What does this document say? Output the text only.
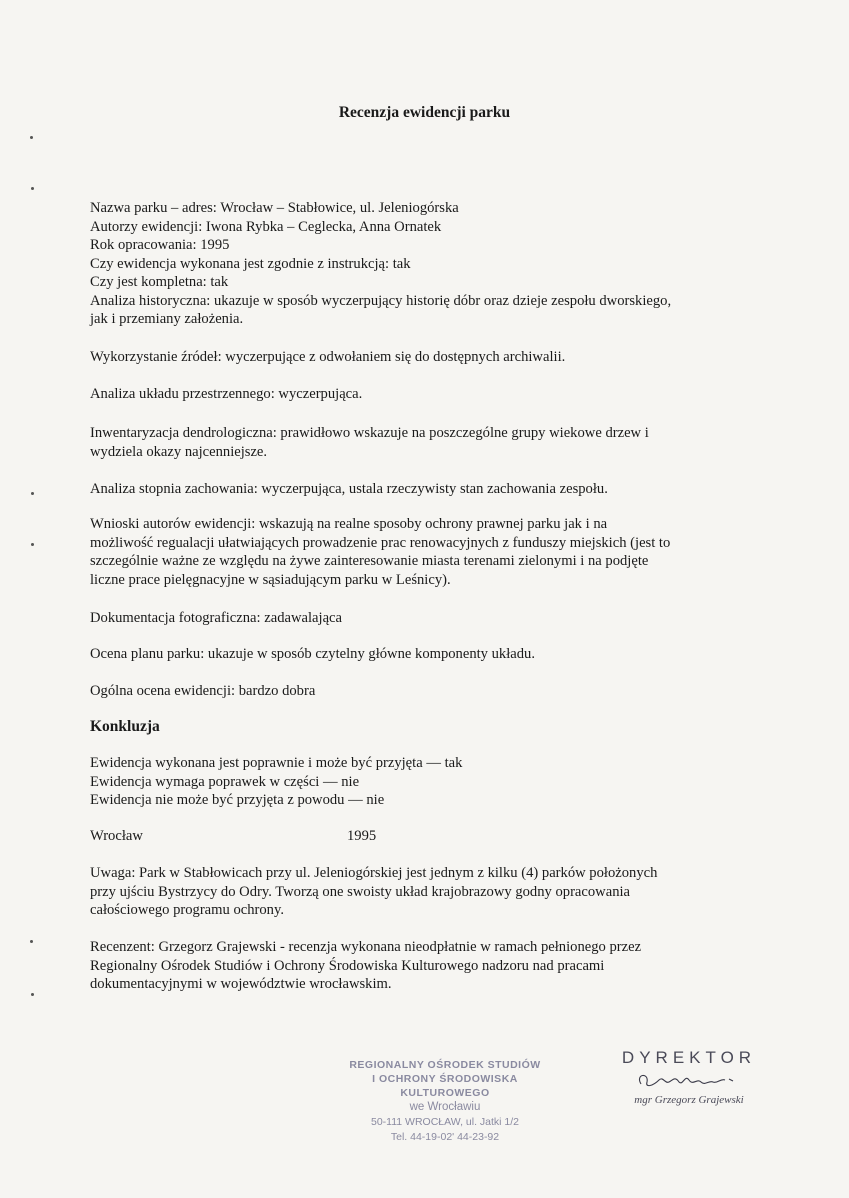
Recenzja ewidencji parku
Nazwa parku – adres: Wrocław – Stabłowice, ul. Jeleniogórska
Autorzy ewidencji: Iwona Rybka – Ceglecka, Anna Ornatek
Rok opracowania: 1995
Czy ewidencja wykonana jest zgodnie z instrukcją: tak
Czy jest kompletna: tak
Analiza historyczna: ukazuje w sposób wyczerpujący historię dóbr oraz dzieje zespołu dworskiego,
jak i przemiany założenia.
Wykorzystanie źródeł: wyczerpujące z odwołaniem się do dostępnych archiwalii.
Analiza układu przestrzennego: wyczerpująca.
Inwentaryzacja dendrologiczna: prawidłowo wskazuje na poszczególne grupy wiekowe drzew i
wydziela okazy najcenniejsze.
Analiza stopnia zachowania: wyczerpująca, ustala rzeczywisty stan zachowania zespołu.
Wnioski autorów ewidencji: wskazują na realne sposoby ochrony prawnej parku jak i na
możliwość regualacji ułatwiających prowadzenie prac renowacyjnych z funduszy miejskich (jest to
szczególnie ważne ze względu na żywe zainteresowanie miasta terenami zielonymi i na podjęte
liczne prace pielęgnacyjne w sąsiadującym parku w Leśnicy).
Dokumentacja fotograficzna: zadawalająca
Ocena planu parku: ukazuje w sposób czytelny główne komponenty układu.
Ogólna ocena ewidencji: bardzo dobra
Konkluzja
Ewidencja wykonana jest poprawnie i może być przyjęta — tak
Ewidencja wymaga poprawek w części — nie
Ewidencja nie może być przyjęta z powodu — nie
Wrocław	1995
Uwaga: Park w Stabłowicach przy ul. Jeleniogórskiej jest jednym z kilku (4) parków położonych
przy ujściu Bystrzycy do Odry. Tworzą one swoisty układ krajobrazowy godny opracowania
całościowego programu ochrony.
Recenzent: Grzegorz Grajewski - recenzja wykonana nieodpłatnie w ramach pełnionego przez
Regionalny Ośrodek Studiów i Ochrony Środowiska Kulturowego nadzoru nad pracami
dokumentacyjnymi w województwie wrocławskim.
REGIONALNY OŚRODEK STUDIÓW
I OCHRONY ŚRODOWISKA KULTUROWEGO
we Wrocławiu
50-111 WROCŁAW, ul. Jatki 1/2
Tel. 44-19-02' 44-23-92
DYREKTOR
mgr Grzegorz Grajewski
